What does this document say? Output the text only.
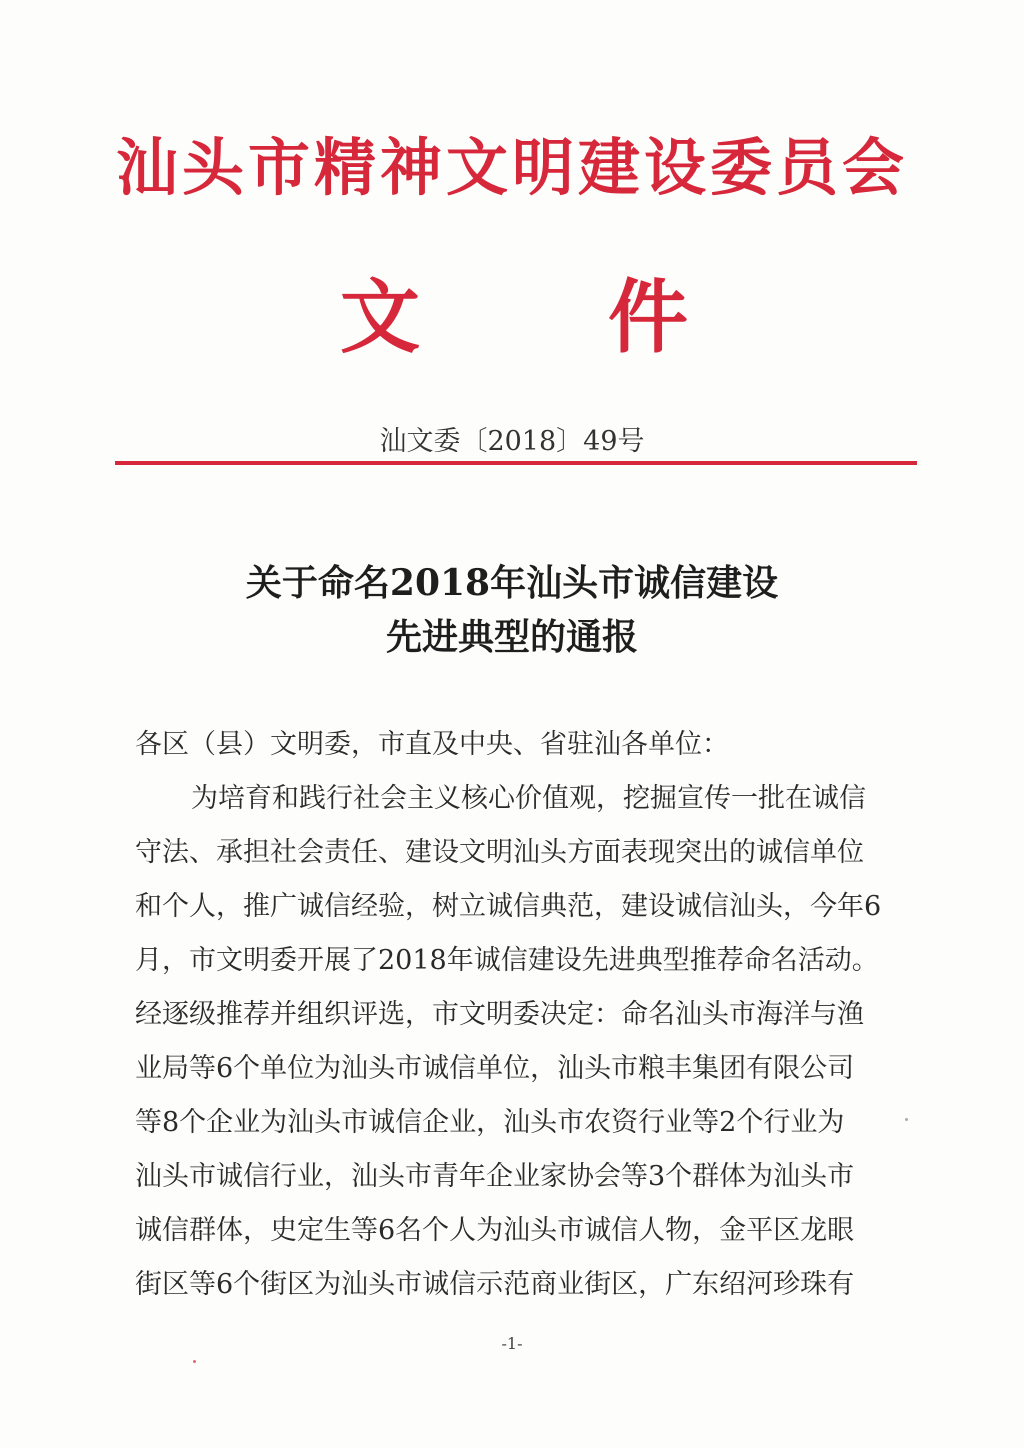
汕头市精神文明建设委员会
文 件
汕文委〔2018〕49号
关于命名2018年汕头市诚信建设
先进典型的通报

各区（县）文明委，市直及中央、省驻汕各单位：

为培育和践行社会主义核心价值观，挖掘宣传一批在诚信

守法、承担社会责任、建设文明汕头方面表现突出的诚信单位

和个人，推广诚信经验，树立诚信典范，建设诚信汕头，今年6

月，市文明委开展了2018年诚信建设先进典型推荐命名活动。

经逐级推荐并组织评选，市文明委决定：命名汕头市海洋与渔

业局等6个单位为汕头市诚信单位，汕头市粮丰集团有限公司

等8个企业为汕头市诚信企业，汕头市农资行业等2个行业为

汕头市诚信行业，汕头市青年企业家协会等3个群体为汕头市

诚信群体，史定生等6名个人为汕头市诚信人物，金平区龙眼

街区等6个街区为汕头市诚信示范商业街区，广东绍河珍珠有

-1-
